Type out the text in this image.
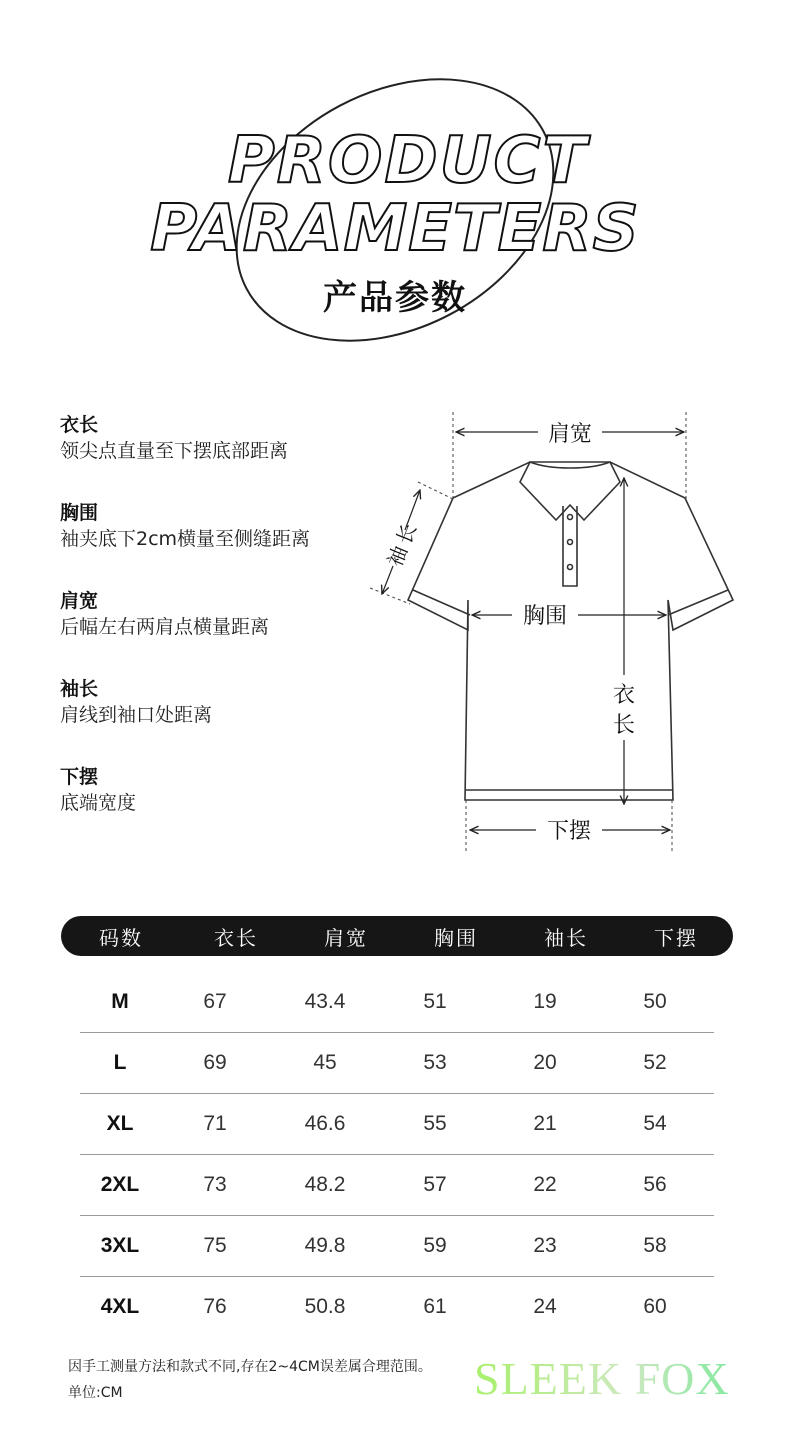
PRODUCT
PARAMETERS
产品参数
衣长
领尖点直量至下摆底部距离
胸围
袖夹底下2cm横量至侧缝距离
肩宽
后幅左右两肩点横量距离
袖长
肩线到袖口处距离
下摆
底端宽度
肩宽
胸围
下摆
衣
长
袖
长
码数	衣长	肩宽	胸围	袖长	下摆
M	67	43.4	51	19	50
L	69	45	53	20	52
XL	71	46.6	55	21	54
2XL	73	48.2	57	22	56
3XL	75	49.8	59	23	58
4XL	76	50.8	61	24	60
因手工测量方法和款式不同,存在2~4CM误差属合理范围。
单位:CM	SLEEK FOX
